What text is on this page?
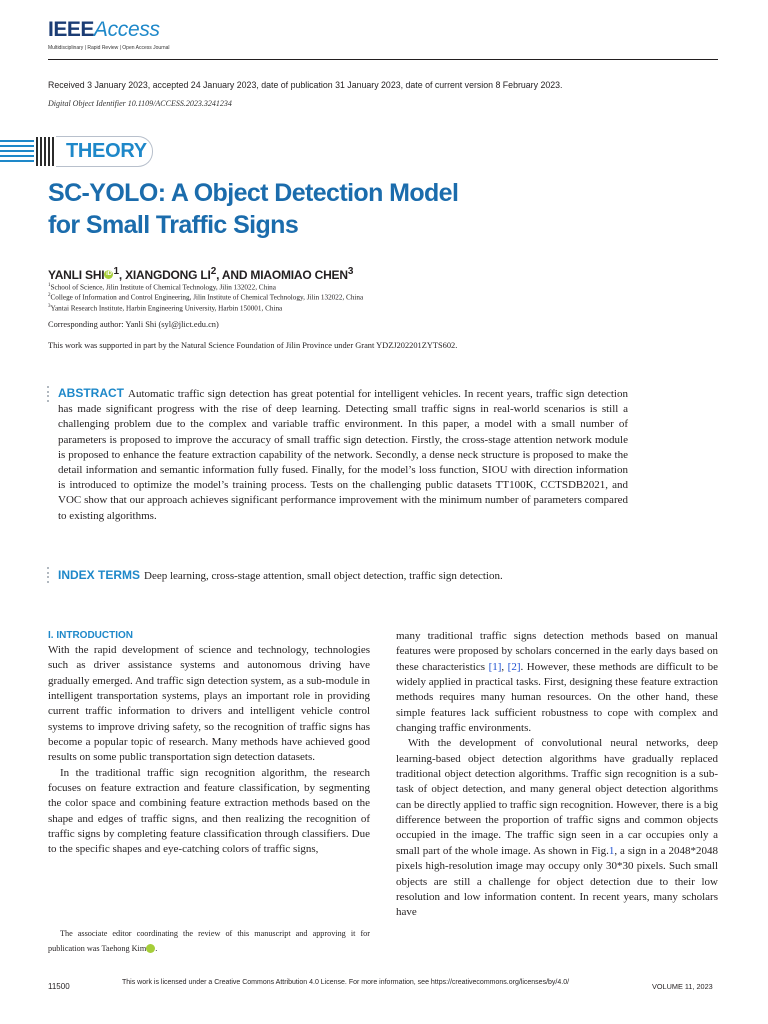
IEEEAccess
Multidisciplinary | Rapid Review | Open Access Journal
Received 3 January 2023, accepted 24 January 2023, date of publication 31 January 2023, date of current version 8 February 2023.
Digital Object Identifier 10.1109/ACCESS.2023.3241234
THEORY
SC-YOLO: A Object Detection Model
for Small Traffic Signs
YANLI SHI iD $^1$, XIANGDONG $LI^2$, AND MIAOMIAO CHEN$^3$
$^1$School of Science, Jilin Institute of Chemical Technology, Jilin 132022, China
$^2$College of Information and Control Engineering, Jilin Institute of Chemical Technology, Jilin 132022, China
$^3$Yantai Research Institute, Harbin Engineering University, Harbin 150001, China
Corresponding author: Yanli Shi (syl@jlict.edu.cn)
This work was supported in part by the Natural Science Foundation of Jilin Province under Grant YDZJ202201ZYTS602.
ABSTRACT Automatic traffic sign detection has great potential for intelligent vehicles. In recent years, traffic sign detection has made significant progress with the rise of deep learning. Detecting small traffic signs in real-world scenarios is still a challenging problem due to the complex and variable traffic environment. In this paper, a model with a small number of parameters is proposed to improve the accuracy of small traffic sign detection. Firstly, the cross-stage attention network module is proposed to enhance the feature extraction capability of the network. Secondly, a dense neck structure is proposed to make the detail information and semantic information fully fused. Finally, for the model’s loss function, SIOU with direction information is introduced to optimize the model’s training process. Tests on the challenging public datasets TT100K, CCTSDB2021, and VOC show that our approach achieves significant performance improvement with the minimum number of parameters compared to existing algorithms.
INDEX TERMS Deep learning, cross-stage attention, small object detection, traffic sign detection.
I. INTRODUCTION

With the rapid development of science and technology, technologies such as driver assistance systems and autonomous driving have gradually emerged. And traffic sign detection system, as a sub-module in intelligent transportation systems, plays an important role in providing current traffic information to drivers and intelligent vehicle control systems to improve driving safety, so the recognition of traffic signs has become a popular topic of research. Many methods have achieved good results on some public transportation sign detection datasets.

In the traditional traffic sign recognition algorithm, the research focuses on feature extraction and feature classification, by segmenting the color space and combining feature extraction methods based on the shape and edges of traffic signs, and then realizing the recognition of traffic signs by completing feature classification through classifiers. Due to the specific shapes and eye-catching colors of traffic signs,

many traditional traffic signs detection methods based on manual features were proposed by scholars concerned in the early days based on these characteristics [1], [2]. However, these methods are difficult to be widely applied in practical tasks. First, designing these feature extraction methods requires many human resources. On the other hand, these simple features lack sufficient robustness to cope with complex and changing traffic environments.

With the development of convolutional neural networks, deep learning-based object detection algorithms have gradually replaced traditional object detection algorithms. Traffic sign recognition is a sub-task of object detection, and many general object detection algorithms can be directly applied to traffic sign recognition. However, there is a big difference between the proportion of traffic signs and common objects occupied in the image. The traffic sign seen in a car occupies only a small part of the whole image. As shown in Fig.1, a sign in a 2048*2048 pixels high-resolution image may occupy only 30*30 pixels. Such small objects are still a challenge for object detection due to their low resolution and low information content. In recent years, many scholars have

The associate editor coordinating the review of this manuscript and approving it for publication was Taehong Kim iD.

11500	This work is licensed under a Creative Commons Attribution 4.0 License. For more information, see https://creativecommons.org/licenses/by/4.0/	VOLUME 11, 2023
